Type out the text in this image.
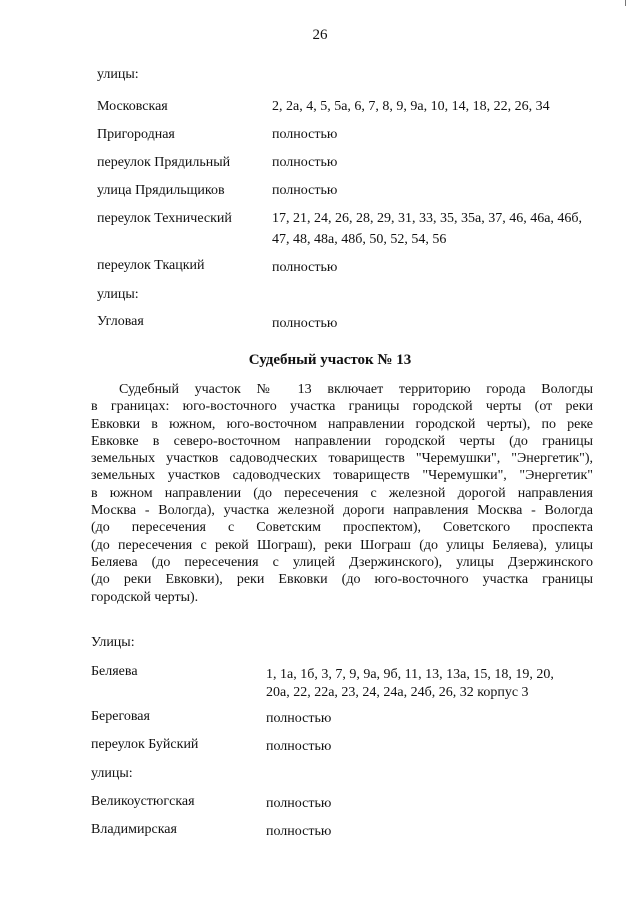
26
улицы:
Московская	2, 2а, 4, 5, 5а, 6, 7, 8, 9, 9а, 10, 14, 18, 22, 26, 34
Пригородная	полностью
переулок Прядильный	полностью
улица Прядильщиков	полностью
переулок Технический	17, 21, 24, 26, 28, 29, 31, 33, 35, 35а, 37, 46, 46а, 46б,
47, 48, 48а, 48б, 50, 52, 54, 56
переулок Ткацкий	полностью
улицы:
Угловая	полностью
Судебный участок № 13
Судебный участок № 13 включает территорию города Вологды
в границах: юго-восточного участка границы городской черты (от реки
Евковки в южном, юго-восточном направлении городской черты), по реке
Евковке в северо-восточном направлении городской черты (до границы
земельных участков садоводческих товариществ "Черемушки", "Энергетик"),
земельных участков садоводческих товариществ "Черемушки", "Энергетик"
в южном направлении (до пересечения с железной дорогой направления
Москва - Вологда), участка железной дороги направления Москва - Вологда
(до пересечения с Советским проспектом), Советского проспекта
(до пересечения с рекой Шограш), реки Шограш (до улицы Беляева), улицы
Беляева (до пересечения с улицей Дзержинского), улицы Дзержинского
(до реки Евковки), реки Евковки (до юго-восточного участка границы
городской черты).
Улицы:
Беляева	1, 1а, 1б, 3, 7, 9, 9а, 9б, 11, 13, 13а, 15, 18, 19, 20,
20а, 22, 22а, 23, 24, 24а, 24б, 26, 32 корпус 3
Береговая	полностью
переулок Буйский	полностью
улицы:
Великоустюгская	полностью
Владимирская	полностью
